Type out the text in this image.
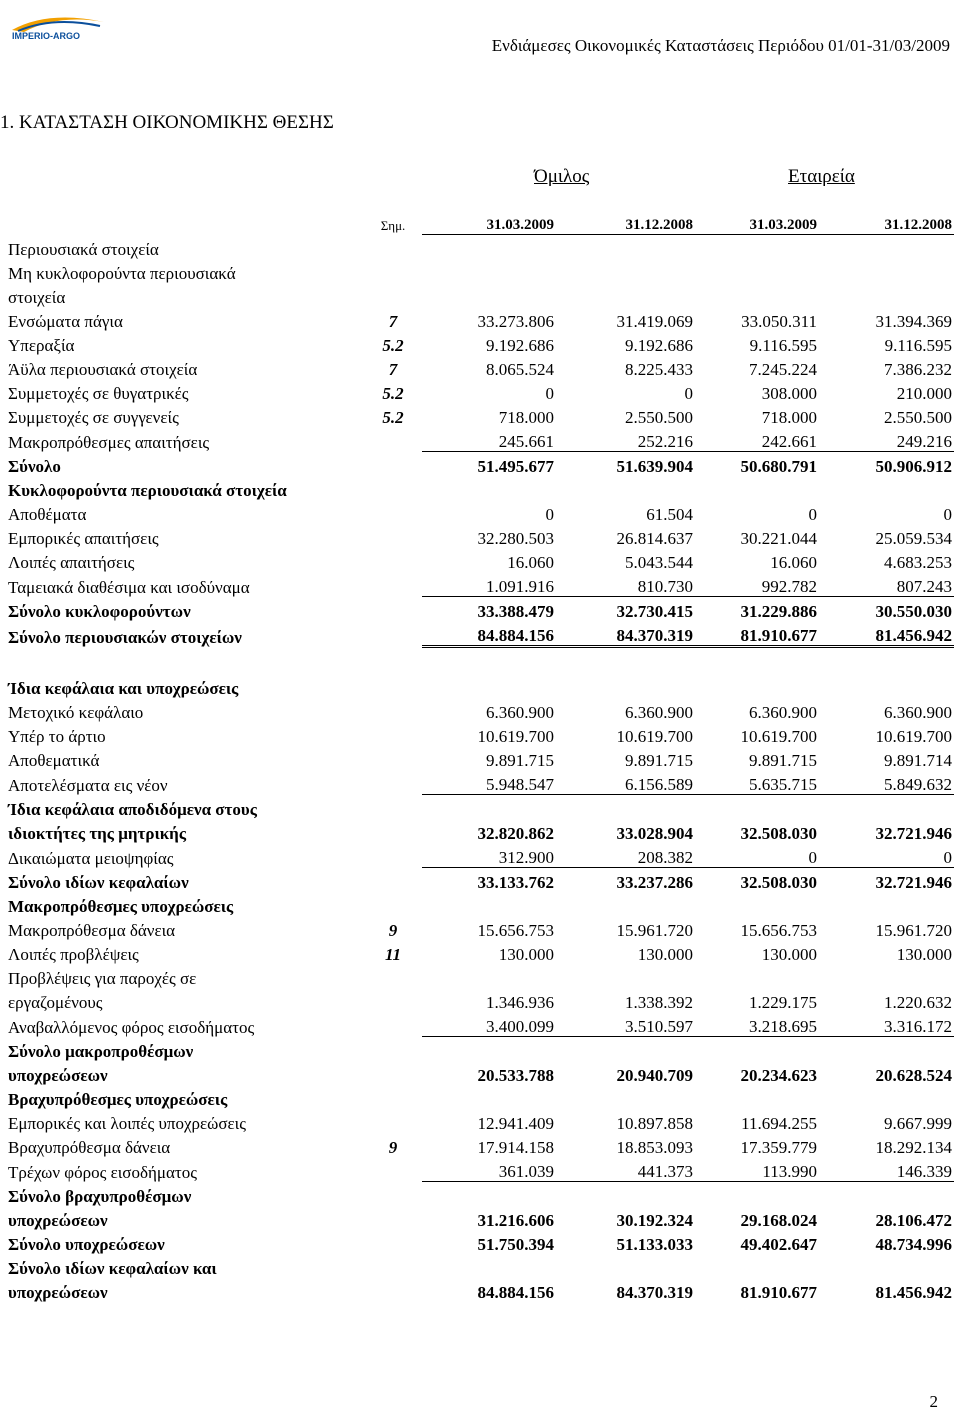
IMPERIO-ARGO	Ενδιάμεσες Οικονομικές Καταστάσεις Περιόδου 01/01-31/03/2009
1. ΚΑΤΑΣΤΑΣΗ ΟΙΚΟΝΟΜΙΚΗΣ ΘΕΣΗΣ
Όμιλος	Εταιρεία
	Σημ.	31.03.2009	31.12.2008	31.03.2009	31.12.2008
Περιουσιακά στοιχεία					
Μη κυκλοφορούντα περιουσιακά					
στοιχεία					
Ενσώματα πάγια	7	33.273.806	31.419.069	33.050.311	31.394.369
Υπεραξία	5.2	9.192.686	9.192.686	9.116.595	9.116.595
Άϋλα περιουσιακά στοιχεία	7	8.065.524	8.225.433	7.245.224	7.386.232
Συμμετοχές σε θυγατρικές	5.2	0	0	308.000	210.000
Συμμετοχές σε συγγενείς	5.2	718.000	2.550.500	718.000	2.550.500
Μακροπρόθεσμες απαιτήσεις		245.661	252.216	242.661	249.216
Σύνολο		51.495.677	51.639.904	50.680.791	50.906.912
Κυκλοφορούντα περιουσιακά στοιχεία					
Αποθέματα		0	61.504	0	0
Εμπορικές απαιτήσεις		32.280.503	26.814.637	30.221.044	25.059.534
Λοιπές απαιτήσεις		16.060	5.043.544	16.060	4.683.253
Ταμειακά διαθέσιμα και ισοδύναμα		1.091.916	810.730	992.782	807.243
Σύνολο κυκλοφορούντων		33.388.479	32.730.415	31.229.886	30.550.030
Σύνολο περιουσιακών στοιχείων		84.884.156	84.370.319	81.910.677	81.456.942

Ίδια κεφάλαια και υποχρεώσεις					
Μετοχικό κεφάλαιο		6.360.900	6.360.900	6.360.900	6.360.900
Υπέρ το άρτιο		10.619.700	10.619.700	10.619.700	10.619.700
Αποθεματικά		9.891.715	9.891.715	9.891.715	9.891.714
Αποτελέσματα εις νέον		5.948.547	6.156.589	5.635.715	5.849.632
Ίδια κεφάλαια αποδιδόμενα στους					
ιδιοκτήτες της μητρικής		32.820.862	33.028.904	32.508.030	32.721.946
Δικαιώματα μειοψηφίας		312.900	208.382	0	0
Σύνολο ιδίων κεφαλαίων		33.133.762	33.237.286	32.508.030	32.721.946
Μακροπρόθεσμες υποχρεώσεις					
Μακροπρόθεσμα δάνεια	9	15.656.753	15.961.720	15.656.753	15.961.720
Λοιπές προβλέψεις	11	130.000	130.000	130.000	130.000
Προβλέψεις για παροχές σε					
εργαζομένους		1.346.936	1.338.392	1.229.175	1.220.632
Αναβαλλόμενος φόρος εισοδήματος		3.400.099	3.510.597	3.218.695	3.316.172
Σύνολο μακροπροθέσμων					
υποχρεώσεων		20.533.788	20.940.709	20.234.623	20.628.524
Βραχυπρόθεσμες υποχρεώσεις					
Εμπορικές και λοιπές υποχρεώσεις		12.941.409	10.897.858	11.694.255	9.667.999
Βραχυπρόθεσμα δάνεια	9	17.914.158	18.853.093	17.359.779	18.292.134
Τρέχων φόρος εισοδήματος		361.039	441.373	113.990	146.339
Σύνολο βραχυπροθέσμων					
υποχρεώσεων		31.216.606	30.192.324	29.168.024	28.106.472
Σύνολο υποχρεώσεων		51.750.394	51.133.033	49.402.647	48.734.996
Σύνολο ιδίων κεφαλαίων και					
υποχρεώσεων		84.884.156	84.370.319	81.910.677	81.456.942
2
